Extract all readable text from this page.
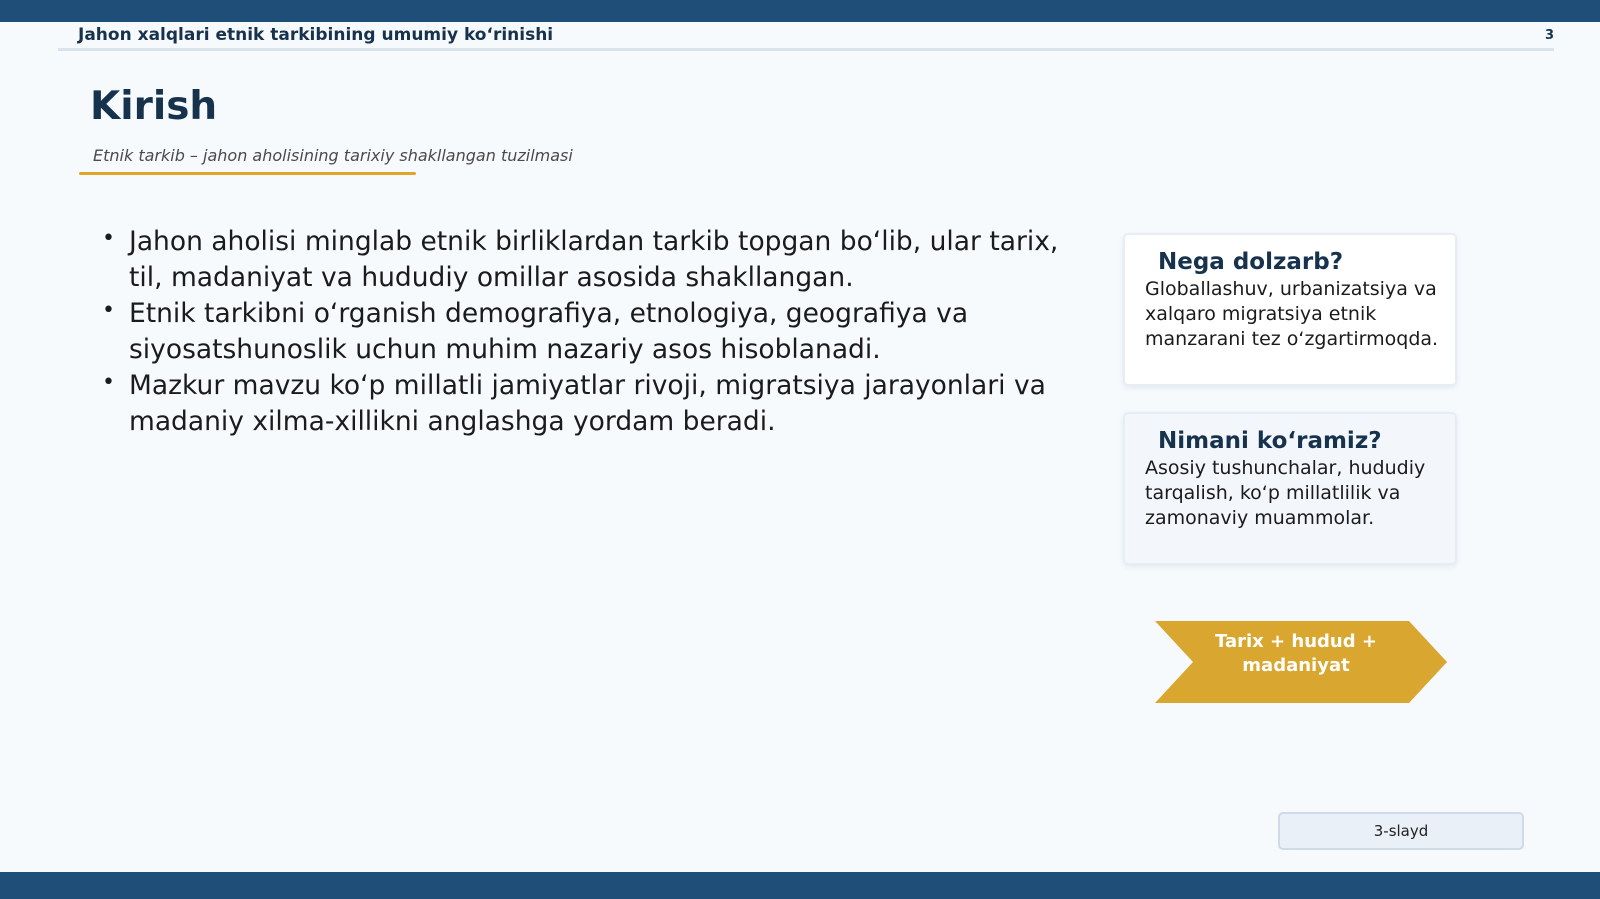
Jahon xalqlari etnik tarkibining umumiy ko‘rinishi	3
Kirish
Etnik tarkib – jahon aholisining tarixiy shakllangan tuzilmasi
• Jahon aholisi minglab etnik birliklardan tarkib topgan bo‘lib, ular tarix, til, madaniyat va hududiy omillar asosida shakllangan.
• Etnik tarkibni o‘rganish demografiya, etnologiya, geografiya va siyosatshunoslik uchun muhim nazariy asos hisoblanadi.
• Mazkur mavzu ko‘p millatli jamiyatlar rivoji, migratsiya jarayonlari va madaniy xilma-xillikni anglashga yordam beradi.
Nega dolzarb?
Globallashuv, urbanizatsiya va xalqaro migratsiya etnik manzarani tez o‘zgartirmoqda.
Nimani ko‘ramiz?
Asosiy tushunchalar, hududiy tarqalish, ko‘p millatlilik va zamonaviy muammolar.
Tarix + hudud +
madaniyat
3-slayd
